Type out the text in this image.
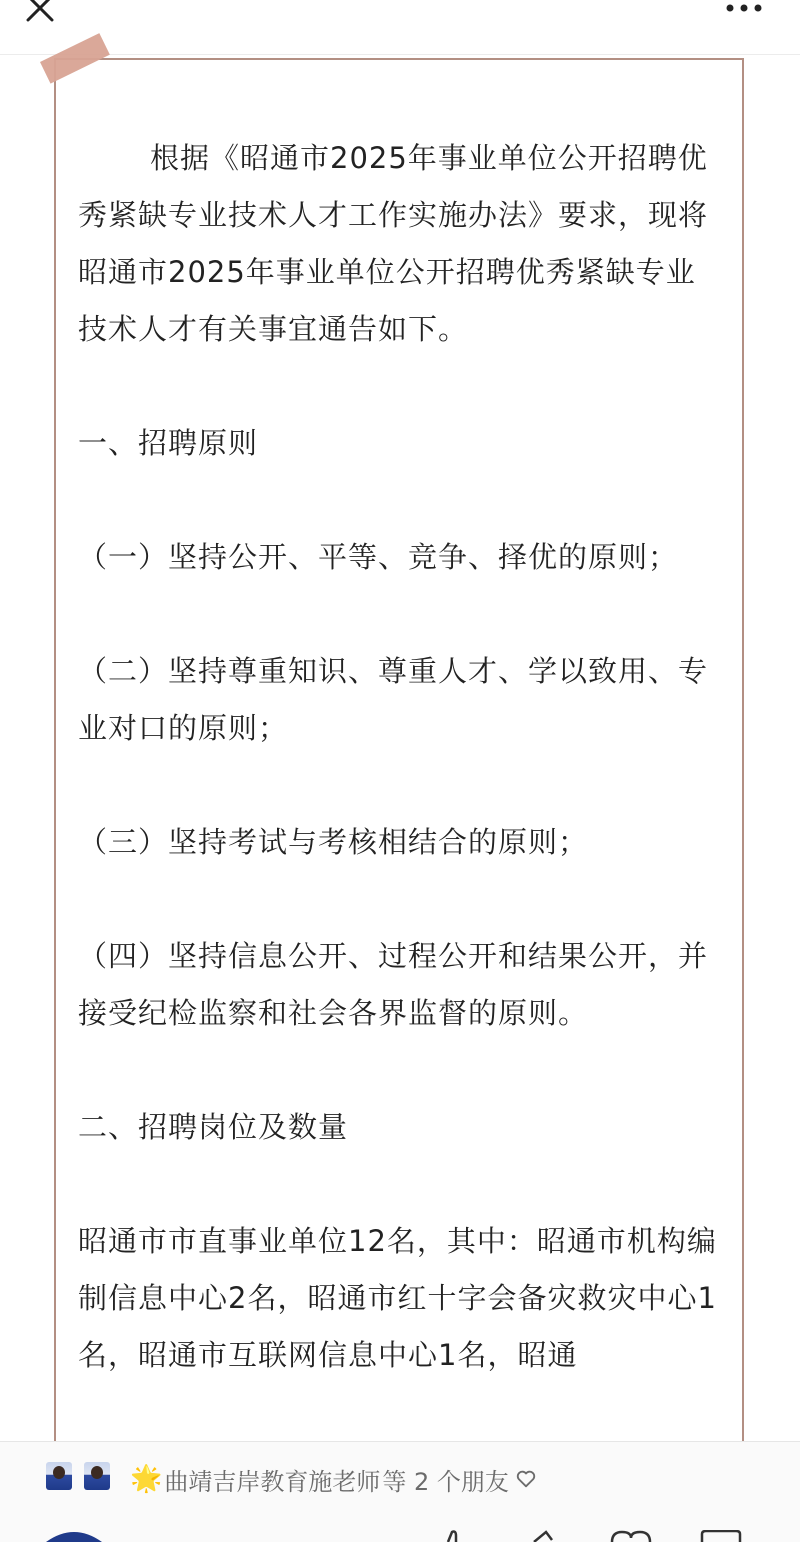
根据《昭通市2025年事业单位公开招聘优秀紧缺专业技术人才工作实施办法》要求，现将昭通市2025年事业单位公开招聘优秀紧缺专业技术人才有关事宜通告如下。

一、招聘原则

（一）坚持公开、平等、竞争、择优的原则；

（二）坚持尊重知识、尊重人才、学以致用、专业对口的原则；

（三）坚持考试与考核相结合的原则；

（四）坚持信息公开、过程公开和结果公开，并接受纪检监察和社会各界监督的原则。

二、招聘岗位及数量

昭通市市直事业单位12名，其中：昭通市机构编制信息中心2名，昭通市红十字会备灾救灾中心1名，昭通市互联网信息中心1名，昭通

🌟 曲靖吉岸教育施老师 等 2 个朋友
